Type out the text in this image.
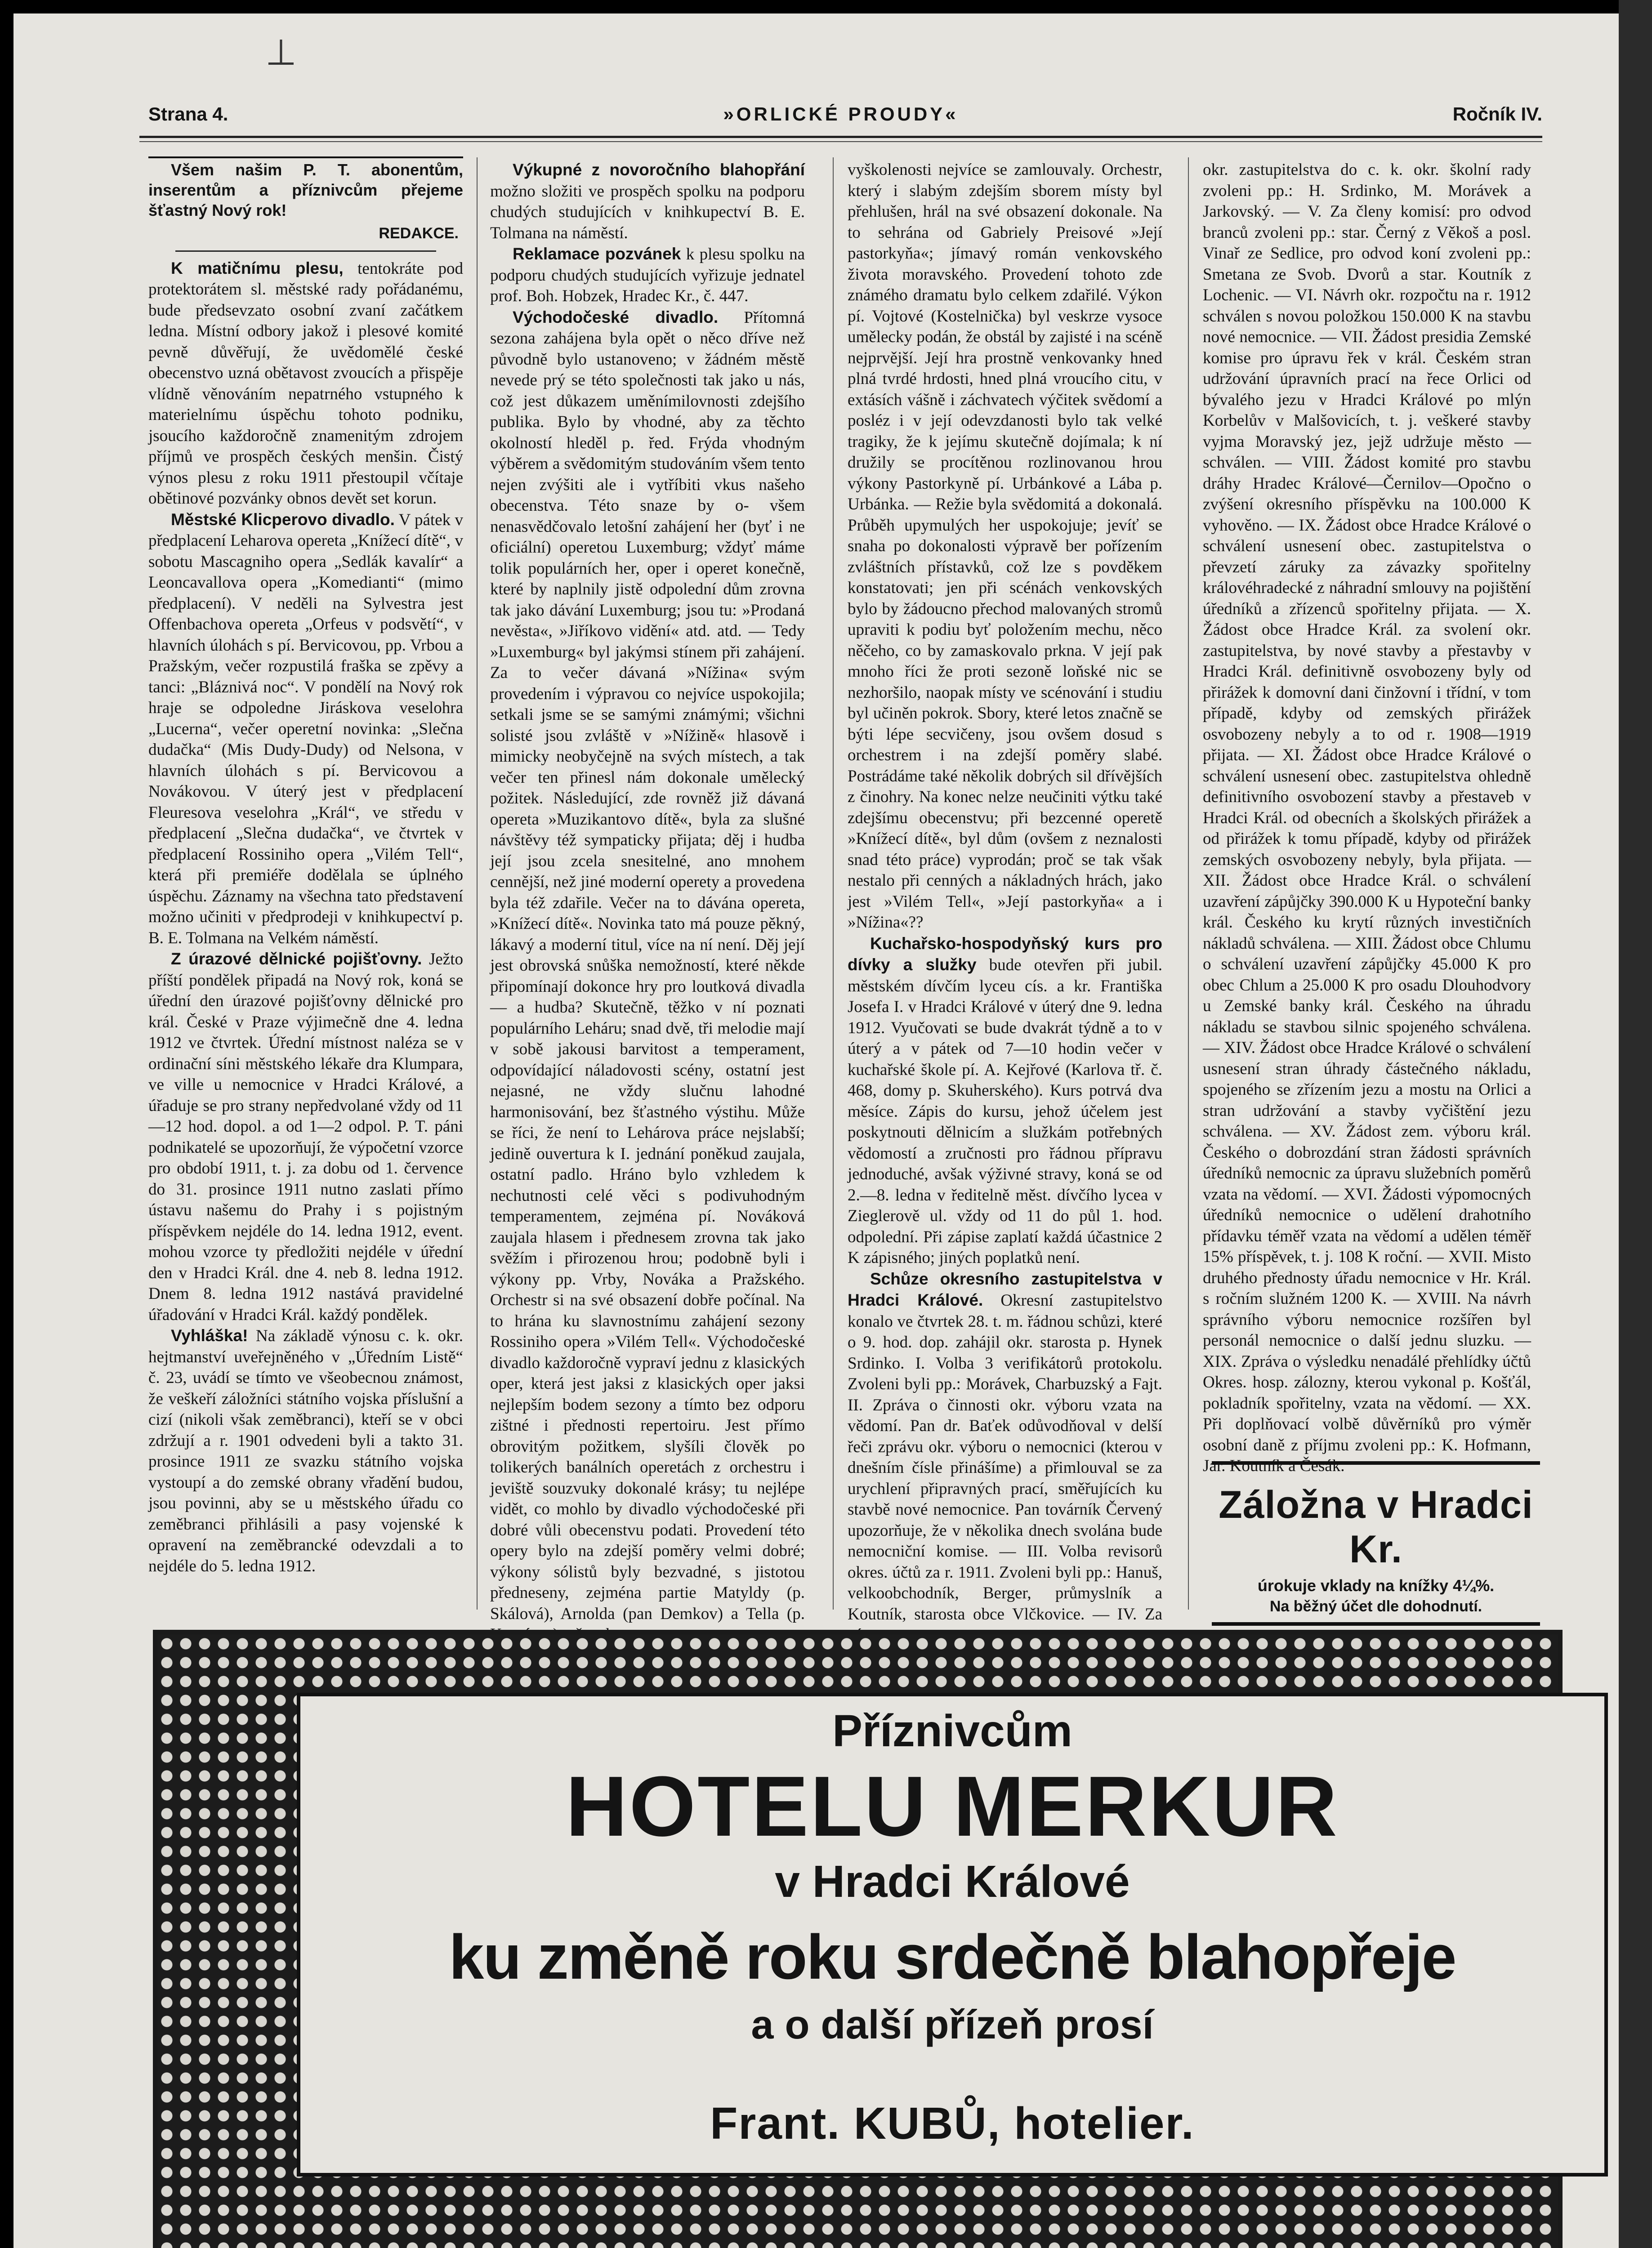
⊥
Strana 4.	»ORLICKÉ PROUDY«	Ročník IV.

Všem našim P. T. abonentům, inserentům a příznivcům přejeme šťastný Nový rok!

REDAKCE.

K matičnímu plesu, tentokráte pod protektorátem sl. městské rady pořádanému, bude předsevzato osobní zvaní začátkem ledna. Místní odbory jakož i plesové komité pevně důvěřují, že uvědomělé české obecenstvo uzná obětavost zvoucích a přispěje vlídně věnováním nepatrného vstupného k materielnímu úspěchu tohoto podniku, jsoucího každoročně znamenitým zdrojem příjmů ve prospěch českých menšin. Čistý výnos plesu z roku 1911 přestoupil včítaje obětinové pozvánky obnos devět set korun.

Městské Klicperovo divadlo. V pátek v předplacení Leharova opereta „Knížecí dítě“, v sobotu Mascagniho opera „Sedlák kavalír“ a Leoncavallova opera „Komedianti“ (mimo předplacení). V neděli na Sylvestra jest Offenbachova opereta „Orfeus v podsvětí“, v hlavních úlohách s pí. Bervicovou, pp. Vrbou a Pražským, večer rozpustilá fraška se zpěvy a tanci: „Bláznivá noc“. V pondělí na Nový rok hraje se odpoledne Jiráskova veselohra „Lucerna“, večer operetní novinka: „Slečna dudačka“ (Mis Dudy-Dudy) od Nelsona, v hlavních úlohách s pí. Bervicovou a Novákovou. V úterý jest v předplacení Fleuresova veselohra „Král“, ve středu v předplacení „Slečna dudačka“, ve čtvrtek v předplacení Rossinihо opera „Vilém Tell“, která při premiéře dodělala se úplného úspěchu. Záznamy na všechna tato představení možno učiniti v předprodeji v knihkupectví p. B. E. Tolmana na Velkém náměstí.

Z úrazové dělnické pojišťovny. Ježto příští pondělek připadá na Nový rok, koná se úřední den úrazové pojišťovny dělnické pro král. České v Praze výjimečně dne 4. ledna 1912 ve čtvrtek. Úřední místnost naléza se v ordinační síni městského lékaře dra Klumpara, ve ville u nemocnice v Hradci Králové, a úřaduje se pro strany nepředvolané vždy od 11—12 hod. dopol. a od 1—2 odpol. P. T. páni podnikatelé se upozorňují, že výpočetní vzorce pro období 1911, t. j. za dobu od 1. července do 31. prosince 1911 nutno zaslati přímo ústavu našemu do Prahy i s pojistným příspěvkem nejdéle do 14. ledna 1912, event. mohou vzorce ty předložiti nejdéle v úřední den v Hradci Král. dne 4. neb 8. ledna 1912. Dnem 8. ledna 1912 nastává pravidelné úřadování v Hradci Král. každý pondělek.

Vyhláška! Na základě výnosu c. k. okr. hejtmanství uveřejněného v „Úředním Listě“ č. 23, uvádí se tímto ve všeobecnou známost, že veškeří záložníci státního vojska příslušní a cizí (nikoli však zeměbranci), kteří se v obci zdržují a r. 1901 odvedeni byli a takto 31. prosince 1911 ze svazku státního vojska vystoupí a do zemské obrany vřadění budou, jsou povinni, aby se u městského úřadu co zeměbranci přihlásili a pasy vojenské k opravení na zeměbrancké odevzdali a to nejdéle do 5. ledna 1912.

Výkupné z novoročního blahopřání možno složiti ve prospěch spolku na podporu chudých studujících v knihkupectví B. E. Tolmana na náměstí.

Reklamace pozvánek k plesu spolku na podporu chudých studujících vyřizuje jednatel prof. Boh. Hobzek, Hradec Kr., č. 447.

Východočeské divadlo. Přítomná sezona zahájena byla opět o něco dříve než původně bylo ustanoveno; v žádném městě nevede prý se této společnosti tak jako u nás, což jest důkazem uměnímilovnosti zdejšího publika. Bylo by vhodné, aby za těchto okolností hleděl p. řed. Frýda vhodným výběrem a svědomitým studováním všem tento nejen zvýšiti ale i vytříbiti vkus našeho obecenstva. Této snaze by o- všem nenasvědčovalo letošní zahájení her (byť i ne oficiální) operetou Luxemburg; vždyť máme tolik populárních her, oper i operet konečně, které by naplnily jistě odpolední dům zrovna tak jako dávání Luxemburg; jsou tu: »Prodaná nevěsta«, »Jiříkovo vidění« atd. atd. — Tedy »Luxemburg« byl jakýmsi stínem při zahájení. Za to večer dávaná »Nížina« svým provedením i výpravou co nejvíce uspokojila; setkali jsme se se samými známými; všichni solisté jsou zvláště v »Nížině« hlasově i mimicky neobyčejně na svých místech, a tak večer ten přinesl nám dokonale umělecký požitek. Následující, zde rovněž již dávaná opereta »Muzikantovo dítě«, byla za slušné návštěvy též sympaticky přijata; děj i hudba její jsou zcela snesitelné, ano mnohem cennější, než jiné moderní operety a provedena byla též zdařile. Večer na to dávána opereta, »Knížecí dítě«. Novinka tato má pouze pěkný, lákavý a moderní titul, více na ní není. Děj její jest obrovská snůška nemožností, které někde připomínají dokonce hry pro loutková divadla — a hudba? Skutečně, těžko v ní poznati populárního Leháru; snad dvě, tři melodie mají v sobě jakousi barvitost a temperament, odpovídající náladovosti scény, ostatní jest nejasné, ne vždy slučnu lahodné harmonisování, bez šťastného výstihu. Může se říci, že není to Lehárova práce nejslabší; jedině ouvertura k I. jednání poněkud zaujala, ostatní padlo. Hráno bylo vzhledem k nechutnosti celé věci s podivuhodným temperamentem, zejména pí. Nováková zaujala hlasem i přednesem zrovna tak jako svěžím i přirozenou hrou; podobně byli i výkony pp. Vrby, Nováka a Pražského. Orchestr si na své obsazení dobře počínal. Na to hrána ku slavnostnímu zahájení sezony Rossiniho opera »Vilém Tell«. Východočeské divadlo každoročně vypraví jednu z klasických oper, která jest jaksi z klasických oper jaksi nejlepším bodem sezony a tímto bez odporu zištné i přednosti repertoiru. Jest přímo obrovitým požitkem, slyšíli člověk po tolikerých banálních operetách z orchestru i jeviště souzvuky dokonalé krásy; tu nejlépe vidět, co mohlo by divadlo východočeské při dobré vůli obecenstvu podati. Provedení této opery bylo na zdejší poměry velmi dobré; výkony sólistů byly bezvadné, s jistotou předneseny, zejména partie Matyldy (p. Skálová), Arnolda (pan Demkov) a Tella (p.

vyškolenosti nejvíce se zamlouvaly. Orchestr, který i slabým zdejším sborem místy byl přehlušen, hrál na své obsazení dokonale. Na to sehrána od Gabriely Preisové »Její pastorkyňa«; jímavý román venkovského života moravského. Provedení tohoto zde známého dramatu bylo celkem zdařilé. Výkon pí. Vojtové (Kostelnička) byl veskrze vysoce umělecky podán, že obstál by zajisté i na scéně nejprvější. Její hra prostně venkovanky hned plná tvrdé hrdosti, hned plná vroucího citu, v extásích vášně i záchvatech výčitek svědomí a posléz i v její odevzdanosti bylo tak velké tragiky, že k jejímu skutečně dojímala; k ní družily se procítěnou rozlinovanou hrou výkony Pastorkyně pí. Urbánkové a Lába p. Urbánka. — Režie byla svědomitá a dokonalá. Průběh upymulých her uspokojuje; jevíť se snaha po dokonalosti výpravě ber pořízením zvláštních přístavků, což lze s povděkem konstatovati; jen při scénách venkovských bylo by žádoucno přechod malovaných stromů upraviti k podiu byť položením mechu, něco něčeho, co by zamaskovalo prkna. V její pak mnoho říci že proti sezoně loňské nic se nezhoršilo, naopak místy ve scénování i studiu byl učiněn pokrok. Sbory, které letos značně se býti lépe secvičeny, jsou ovšem dosud s orchestrem i na zdejší poměry slabé. Postrádáme také několik dobrých sil dřívějších z činohry. Na konec nelze neučiniti výtku také zdejšímu obecenstvu; při bezcenné operetě »Knížecí dítě«, byl dům (ovšem z neznalosti snad této práce) vyprodán; proč se tak však nestalo při cenných a nákladných hrách, jako jest »Vilém Tell«, »Její pastorkyňa« a i »Nížina«??

Kuchařsko-hospodyňský kurs pro dívky a služky bude otevřen při jubil. městském dívčím lyceu cís. a kr. Františka Josefa I. v Hradci Králové v úterý dne 9. ledna 1912. Vyučovati se bude dvakrát týdně a to v úterý a v pátek od 7—10 hodin večer v kuchařské škole pí. A. Kejřové (Karlova tř. č. 468, domy p. Skuherského). Kurs potrvá dva měsíce. Zápis do kursu, jehož účelem jest poskytnouti dělnicím a služkám potřebných vědomostí a zručnosti pro řádnou přípravu jednoduché, avšak výživné stravy, koná se od 2.—8. ledna v ředitelně měst. dívčího lycea v Zieglerově ul. vždy od 11 do půl 1. hod. odpolední. Při zápise zaplatí každá účastnice 2 K zápisného; jiných poplatků není.

Schůze okresního zastupitelstva v Hradci Králové. Okresní zastupitelstvo konalo ve čtvrtek 28. t. m. řádnou schůzi, které o 9. hod. dop. zahájil okr. starosta p. Hynek Srdinko. I. Volba 3 verifikátorů protokolu. Zvoleni byli pp.: Morávek, Charbuzský a Fajt. II. Zpráva o činnosti okr. výboru vzata na vědomí. Pan dr. Baťek odůvodňoval v delší řeči zprávu okr. výboru o nemocnici (kterou v dnešním čísle přinášíme) a přimlouval se za urychlení připravných prací, směřujících ku stavbě nové nemocnice. Pan továrník Červený upozorňuje, že v několika dnech svolána bude nemocniční komise. — III. Volba revisorů okres. účtů za r. 1911. Zvoleni byli pp.: Hanuš, velkoobchodník, Berger, průmyslník a Koutník, starosta obce Vlčkovice. — IV. Za

okr. zastupitelstva do c. k. okr. školní rady zvoleni pp.: H. Srdinko, M. Morávek a Jarkovský. — V. Za členy komisí: pro odvod branců zvoleni pp.: star. Černý z Věkoš a posl. Vinař ze Sedlice, pro odvod koní zvoleni pp.: Smetana ze Svob. Dvorů a star. Koutník z Lochenic. — VI. Návrh okr. rozpočtu na r. 1912 schválen s novou položkou 150.000 K na stavbu nové nemocnice. — VII. Žádost presidia Zemské komise pro úpravu řek v král. Českém stran udržování úpravních prací na řece Orlici od bývalého jezu v Hradci Králové po mlýn Korbelův v Malšovicích, t. j. veškeré stavby vyjma Moravský jez, jejž udržuje město — schválen. — VIII. Žádost komité pro stavbu dráhy Hradec Králové—Černilov—Opočno o zvýšení okresního příspěvku na 100.000 K vyhověno. — IX. Žádost obce Hradce Králové o schválení usnesení obec. zastupitelstva o převzetí záruky za závazky spořitelny královéhradecké z náhradní smlouvy na pojištění úředníků a zřízenců spořitelny přijata. — X. Žádost obce Hradce Král. za svolení okr. zastupitelstva, by nové stavby a přestavby v Hradci Král. definitivně osvobozeny byly od přirážek k domovní dani činžovní i třídní, v tom případě, kdyby od zemských přirážek osvobozeny nebyly a to od r. 1908—1919 přijata. — XI. Žádost obce Hradce Králové o schválení usnesení obec. zastupitelstva ohledně definitivního osvobození stavby a přestaveb v Hradci Král. od obecních a školských přirážek a od přirážek k tomu případě, kdyby od přirážek zemských osvobozeny nebyly, byla přijata. — XII. Žádost obce Hradce Král. o schválení uzavření zápůjčky 390.000 K u Hypoteční banky král. Českého ku krytí různých investičních nákladů schválena. — XIII. Žádost obce Chlumu o schválení uzavření zápůjčky 45.000 K pro obec Chlum a 25.000 K pro osadu Dlouhodvory u Zemské banky král. Českého na úhradu nákladu se stavbou silnic spojeného schválena. — XIV. Žádost obce Hradce Králové o schválení usnesení stran úhrady částečného nákladu, spojeného se zřízením jezu a mostu na Orlici a stran udržování a stavby vyčištění jezu schválena. — XV. Žádost zem. výboru král. Českého o dobrozdání stran žádosti správních úředníků nemocnic za úpravu služebních poměrů vzata na vědomí. — XVI. Žádosti výpomocných úředníků nemocnice o udělení drahotního přídavku téměř vzata na vědomí a udělen téměř 15% příspěvek, t. j. 108 K roční. — XVII. Misto druhého přednosty úřadu nemocnice v Hr. Král. s ročním služném 1200 K. — XVIII. Na návrh správního výboru nemocnice rozšířen byl personál nemocnice o další jednu sluzku. — XIX. Zpráva o výsledku nenadálé přehlídky účtů Okres. hosp. zálozny, kterou vykonal p. Košťál, pokladník spořitelny, vzata na vědomí. — XX. Při doplňovací volbě důvěrníků pro výměr osobní daně z příjmu zvoleni pp.: K. Hofmann, Jar. Koutník a Česák.

Záložna v Hradci Kr.
úrokuje vklady na knížky 4¼%.
Na běžný účet dle dohodnutí.
Příznivcům
HOTELU MERKUR
v Hradci Králové
ku změně roku srdečně blahopřeje
a o další přízeň prosí
Frant. KUBŮ, hotelier.
